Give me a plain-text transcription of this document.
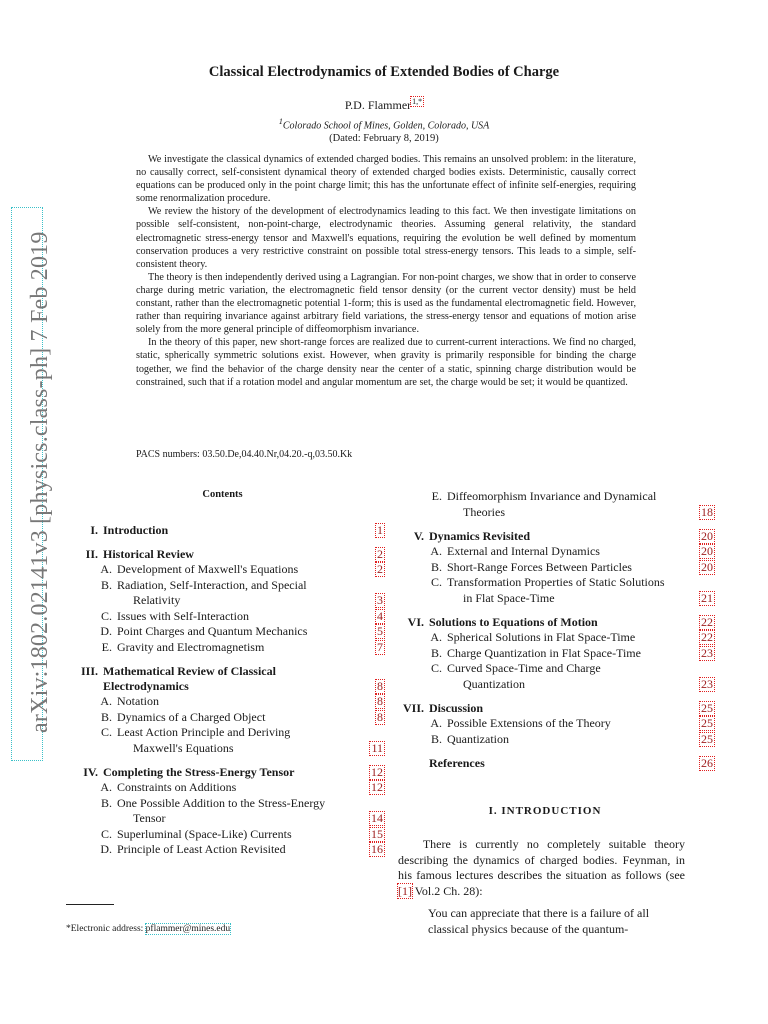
arXiv:1802.02141v3 [physics.class-ph] 7 Feb 2019
Classical Electrodynamics of Extended Bodies of Charge
P.D. Flammer$^{1,*}$
$^1$Colorado School of Mines, Golden, Colorado, USA
(Dated: February 8, 2019)

We investigate the classical dynamics of extended charged bodies. This remains an unsolved problem: in the literature, no causally correct, self-consistent dynamical theory of extended charged bodies exists. Deterministic, causally correct equations can be produced only in the point charge limit; this has the unfortunate effect of infinite self-energies, requiring some renormalization procedure.

We review the history of the development of electrodynamics leading to this fact. We then investigate limitations on possible self-consistent, non-point-charge, electrodynamic theories. Assuming general relativity, the standard electromagnetic stress-energy tensor and Maxwell's equations, requiring the evolution be well defined by momentum conservation produces a very restrictive constraint on possible total stress-energy tensors. This leads to a simple, self-consistent theory.

The theory is then independently derived using a Lagrangian. For non-point charges, we show that in order to conserve charge during metric variation, the electromagnetic field tensor density (or the current vector density) must be held constant, rather than the electromagnetic potential 1-form; this is used as the fundamental electromagnetic field. However, rather than requiring invariance against arbitrary field variations, the stress-energy tensor and equations of motion arise solely from the more general principle of diffeomorphism invariance.

In the theory of this paper, new short-range forces are realized due to current-current interactions. We find no charged, static, spherically symmetric solutions exist. However, when gravity is primarily responsible for binding the charge together, we find the behavior of the charge density near the center of a static, spinning charge distribution would be constrained, such that if a rotation model and angular momentum are set, the charge would be set; it would be quantized.

PACS numbers: 03.50.De,04.40.Nr,04.20.-q,03.50.Kk
Contents
I. Introduction	1
II. Historical Review	2
A. Development of Maxwell's Equations	2
B. Radiation, Self-Interaction, and Special
Relativity	3
C. Issues with Self-Interaction	4
D. Point Charges and Quantum Mechanics	5
E. Gravity and Electromagnetism	7
III. Mathematical Review of Classical
Electrodynamics	8
A. Notation	8
B. Dynamics of a Charged Object	8
C. Least Action Principle and Deriving
Maxwell's Equations	11
IV. Completing the Stress-Energy Tensor	12
A. Constraints on Additions	12
B. One Possible Addition to the Stress-Energy
Tensor	14
C. Superluminal (Space-Like) Currents	15
D. Principle of Least Action Revisited	16
E. Diffeomorphism Invariance and Dynamical
Theories	18
V. Dynamics Revisited	20
A. External and Internal Dynamics	20
B. Short-Range Forces Between Particles	20
C. Transformation Properties of Static Solutions
in Flat Space-Time	21
VI. Solutions to Equations of Motion	22
A. Spherical Solutions in Flat Space-Time	22
B. Charge Quantization in Flat Space-Time	23
C. Curved Space-Time and Charge
Quantization	23
VII. Discussion	25
A. Possible Extensions of the Theory	25
B. Quantization	25
References	26
I. INTRODUCTION
There is currently no completely suitable theory describing the dynamics of charged bodies. Feynman, in his famous lectures describes the situation as follows (see [1] Vol.2 Ch. 28):
You can appreciate that there is a failure of all classical physics because of the quantum-
*Electronic address: pflammer@mines.edu
